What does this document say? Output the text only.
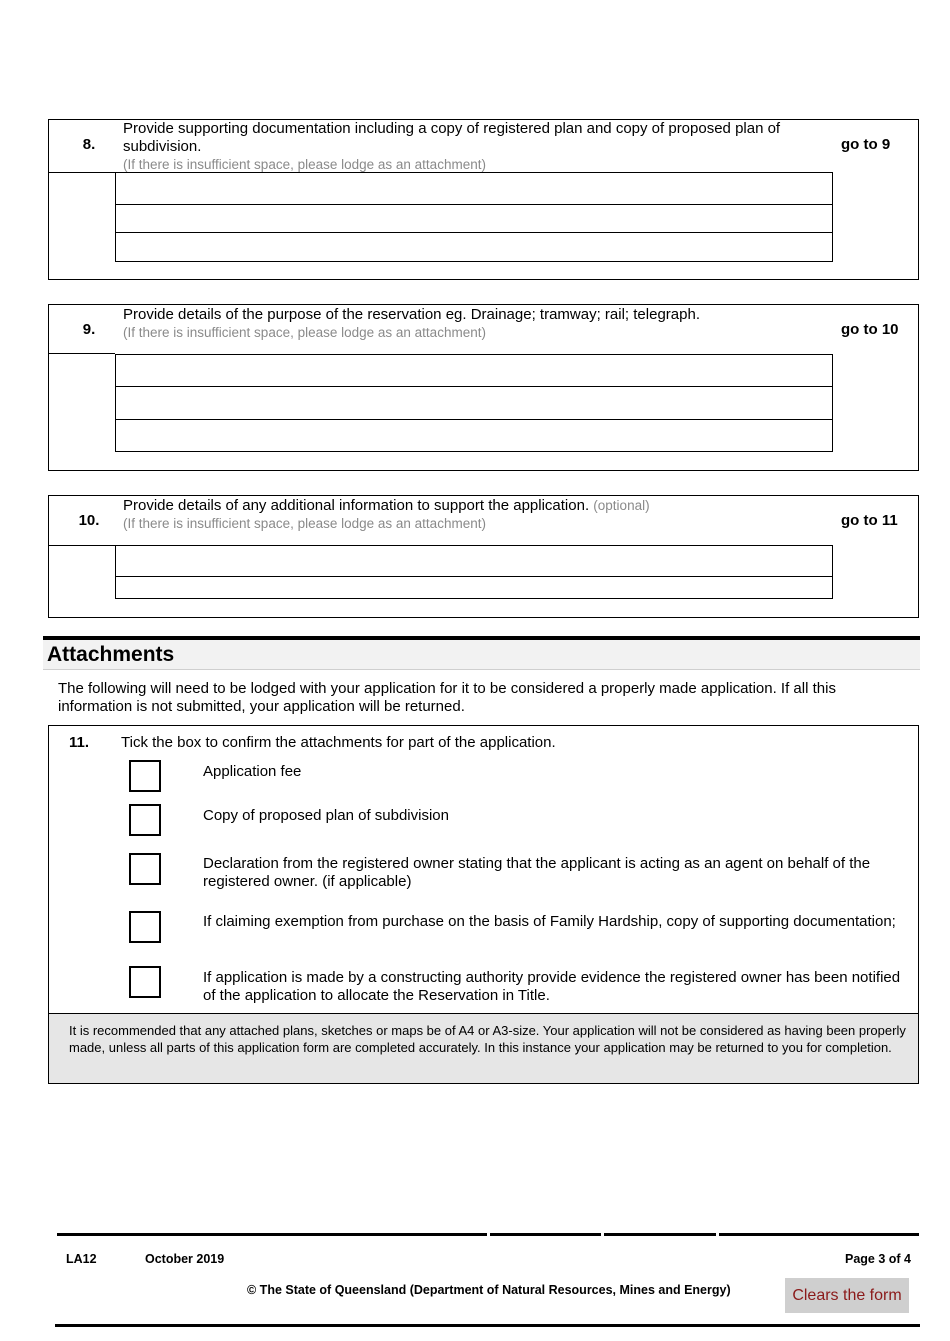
8.
Provide supporting documentation including a copy of registered plan and copy of proposed plan of subdivision.
(If there is insufficient space, please lodge as an attachment)
go to 9
9.
Provide details of the purpose of the reservation eg. Drainage; tramway; rail; telegraph.
(If there is insufficient space, please lodge as an attachment)	go to 10
10.
Provide details of any additional information to support the application. (optional)
(If there is insufficient space, please lodge as an attachment)	go to 11
Attachments
The following will need to be lodged with your application for it to be considered a properly made application. If all this information is not submitted, your application will be returned.
11. Tick the box to confirm the attachments for part of the application.
Application fee
Copy of proposed plan of subdivision
Declaration from the registered owner stating that the applicant is acting as an agent on behalf of the registered owner. (if applicable)
If claiming exemption from purchase on the basis of Family Hardship, copy of supporting documentation;
If application is made by a constructing authority provide evidence the registered owner has been notified of the application to allocate the Reservation in Title.
It is recommended that any attached plans, sketches or maps be of A4 or A3-size. Your application will not be considered as having been properly made, unless all parts of this application form are completed accurately. In this instance your application may be returned to you for completion.
LA12	October 2019	Page 3 of 4
© The State of Queensland (Department of Natural Resources, Mines and Energy)	Clears the form
